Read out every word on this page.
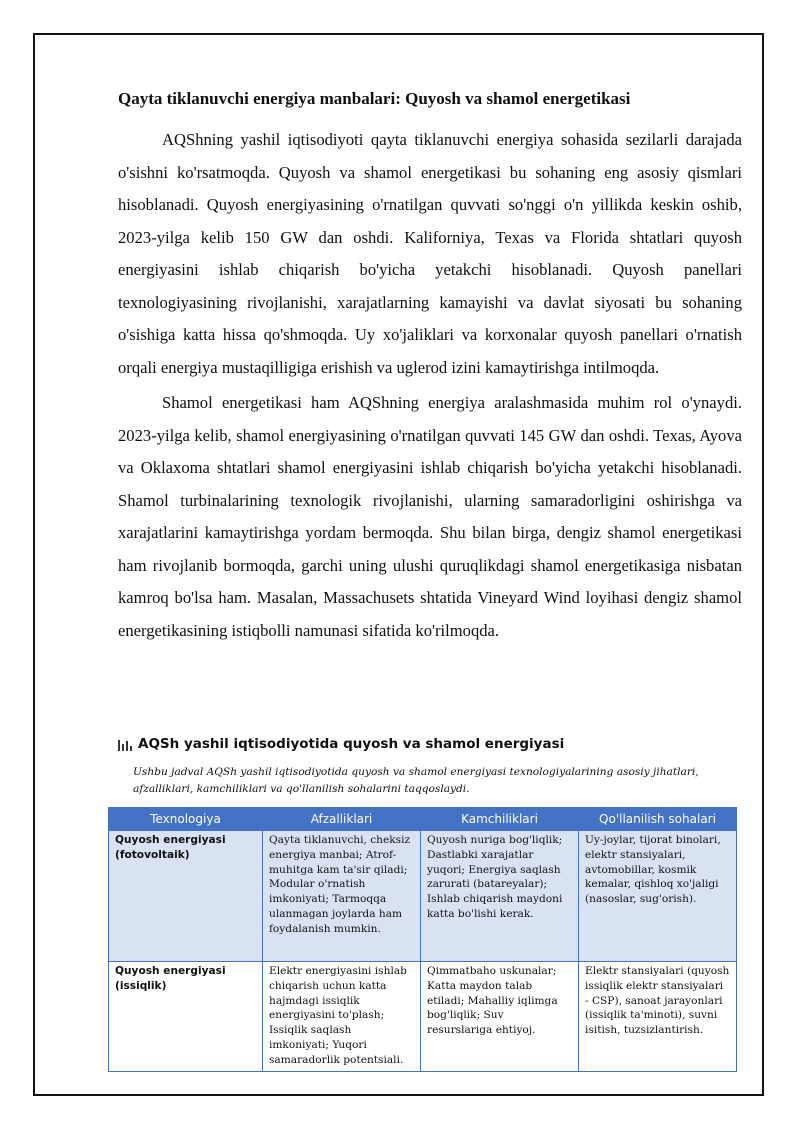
Qayta tiklanuvchi energiya manbalari: Quyosh va shamol energetikasi

AQShning yashil iqtisodiyoti qayta tiklanuvchi energiya sohasida sezilarli darajada o'sishni ko'rsatmoqda. Quyosh va shamol energetikasi bu sohaning eng asosiy qismlari hisoblanadi. Quyosh energiyasining o'rnatilgan quvvati so'nggi o'n yillikda keskin oshib, 2023-yilga kelib 150 GW dan oshdi. Kaliforniya, Texas va Florida shtatlari quyosh energiyasini ishlab chiqarish bo'yicha yetakchi hisoblanadi. Quyosh panellari texnologiyasining rivojlanishi, xarajatlarning kamayishi va davlat siyosati bu sohaning o'sishiga katta hissa qo'shmoqda. Uy xo'jaliklari va korxonalar quyosh panellari o'rnatish orqali energiya mustaqilligiga erishish va uglerod izini kamaytirishga intilmoqda.

Shamol energetikasi ham AQShning energiya aralashmasida muhim rol o'ynaydi. 2023-yilga kelib, shamol energiyasining o'rnatilgan quvvati 145 GW dan oshdi. Texas, Ayova va Oklaxoma shtatlari shamol energiyasini ishlab chiqarish bo'yicha yetakchi hisoblanadi. Shamol turbinalarining texnologik rivojlanishi, ularning samaradorligini oshirishga va xarajatlarini kamaytirishga yordam bermoqda. Shu bilan birga, dengiz shamol energetikasi ham rivojlanib bormoqda, garchi uning ulushi quruqlikdagi shamol energetikasiga nisbatan kamroq bo'lsa ham. Masalan, Massachusets shtatida Vineyard Wind loyihasi dengiz shamol energetikasining istiqbolli namunasi sifatida ko'rilmoqda.

AQSh yashil iqtisodiyotida quyosh va shamol energiyasi
Ushbu jadval AQSh yashil iqtisodiyotida quyosh va shamol energiyasi texnologiyalarining asosiy jihatlari, afzalliklari, kamchiliklari va qo'llanilish sohalarini taqqoslaydi.
Texnologiya	Afzalliklari	Kamchiliklari	Qo'llanilish sohalari
Quyosh energiyasi (fotovoltaik)	Qayta tiklanuvchi, cheksiz energiya manbai; Atrof-muhitga kam ta'sir qiladi; Modular o'rnatish imkoniyati; Tarmoqqa ulanmagan joylarda ham foydalanish mumkin.	Quyosh nuriga bog'liqlik; Dastlabki xarajatlar yuqori; Energiya saqlash zarurati (batareyalar); Ishlab chiqarish maydoni katta bo'lishi kerak.	Uy-joylar, tijorat binolari, elektr stansiyalari, avtomobillar, kosmik kemalar, qishloq xo'jaligi (nasoslar, sug'orish).
Quyosh energiyasi (issiqlik)	Elektr energiyasini ishlab chiqarish uchun katta hajmdagi issiqlik energiyasini to'plash; Issiqlik saqlash imkoniyati; Yuqori samaradorlik potentsiali.	Qimmatbaho uskunalar; Katta maydon talab etiladi; Mahalliy iqlimga bog'liqlik; Suv resurslariga ehtiyoj.	Elektr stansiyalari (quyosh issiqlik elektr stansiyalari - CSP), sanoat jarayonlari (issiqlik ta'minoti), suvni isitish, tuzsizlantirish.
